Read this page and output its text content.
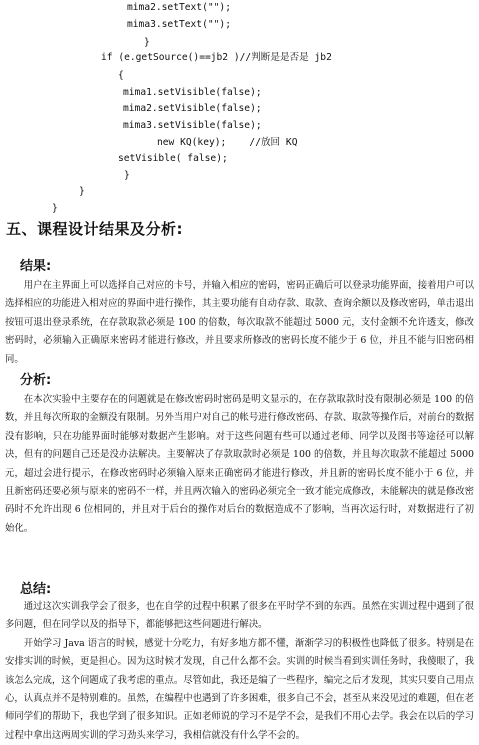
mima2.setText("");
mima3.setText("");
}
if (e.getSource()==jb2 )//判断是是否是 jb2
{
mima1.setVisible(false);
mima2.setVisible(false);
mima3.setVisible(false);
new KQ(key);    //放回 KQ
setVisible( false);
}
}
}
五、课程设计结果及分析:
结果:

用户在主界面上可以选择自己对应的卡号，并输入相应的密码，密码正确后可以登录功能界面，接着用户可以选择相应的功能进入相对应的界面中进行操作，其主要功能有自动存款、取款、查询余额以及修改密码，单击退出按钮可退出登录系统，在存款取款必须是 100 的倍数，每次取款不能超过 5000 元，支付金额不允许透支，修改密码时，必须输入正确原来密码才能进行修改，并且要求所修改的密码长度不能少于 6 位，并且不能与旧密码相同。

分析:

在本次实验中主要存在的问题就是在修改密码时密码是明文显示的，在存款取款时没有限制必须是 100 的倍数，并且每次所取的金额没有限制。另外当用户对自己的帐号进行修改密码、存款、取款等操作后，对前台的数据没有影响，只在功能界面时能够对数据产生影响。对于这些问题有些可以通过老师、同学以及图书等途径可以解决，但有的问题自己还是没办法解决。主要解决了存款取款时必须是 100 的倍数，并且每次取款不能超过 5000 元，超过会进行提示，在修改密码时必须输入原来正确密码才能进行修改，并且新的密码长度不能小于 6 位，并且新密码还要必须与原来的密码不一样，并且两次输入的密码必须完全一致才能完成修改，未能解决的就是修改密码时不允许出现 6 位相同的，并且对于后台的操作对后台的数据造成不了影响，当再次运行时，对数据进行了初始化。

总结:

通过这次实训我学会了很多，也在自学的过程中积累了很多在平时学不到的东西。虽然在实训过程中遇到了很多问题，但在同学以及的指导下，都能够把这些问题进行解决。

开始学习 Java 语言的时候，感觉十分吃力，有好多地方都不懂，渐渐学习的积极性也降低了很多。特别是在安排实训的时候，更是担心。因为这时候才发现，自己什么都不会。实训的时候当看到实训任务时，我傻眼了，我该怎么完成，这个问题成了我考虑的重点。尽管如此，我还是编了一些程序，编完之后才发现，其实只要自己用点心，认真点并不是特别难的。虽然，在编程中也遇到了许多困难，很多自己不会，甚至从来没见过的难题，但在老师同学们的帮助下，我也学到了很多知识。正如老师说的学习不是学不会，是我们不用心去学。我会在以后的学习过程中拿出这两周实训的学习劲头来学习，我相信就没有什么学不会的。
